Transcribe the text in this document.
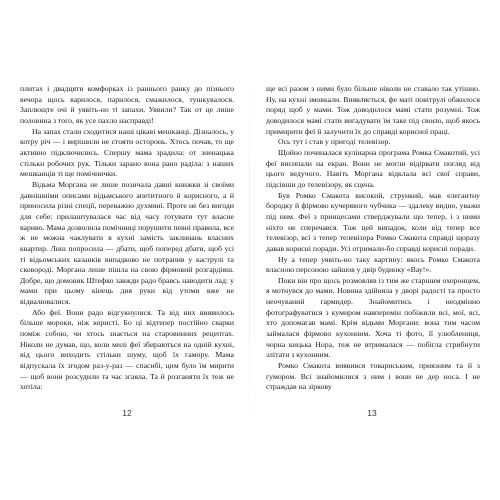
плитах і двадцяти комфорках із раннього ранку до пізнього вечора щось варилося, парилося, смажилося, тушкувалося. Заплющте очі й уявіть-но ті запахи. Уявили? Так от це лише половина з того, як усе пахло насправді!

На запах стали сходитися наші цікаві мешканці. Дізналось, у котру річ — і вирішили не стояти осторонь. Хтось почав, то ще активно підключились. Спершу мама зрадила: от зненацька стільки робочих рук. Тільки зарано вона рано раділа: з наших мешканців ті ще помічнички.

Відьма Моргана не лише позичала давні книжки зі своїми давнішніми описами відьмського апетитного й корисного, а й приносила різні спеції, переважно духмяні. Проте не без вигоди для себе: прилаштувалася час від часу готувати тут власне варивo. Мама дозволила помічниці порушити певні правила, все ж не можна чаклувати в кухні замість заклинань власних квартир. Лиш попросила — дбати, щоб поперед дбати, щоб усі ті відьомських казанків випадково не потрапив у каструлі та сковороді. Моргана лише пішла на свою фірмовий розгардіяш. Добре, що домовик Штефко завжди радо бравсь наводити лад: у мами при цьому кінець дня руки від утоми вже не відвалювалися.

Або феї. Вони радо відгукнулися. Та від них виявилось більше мороки, ніж користі. Бо ці відтепер постійно сварки поміж собою, чи хтось знається на старовинних рецептах. Ніколи не думав, що, коли милі феї збираються на одній кухні, від цього виходить стільки шуму, щоб їх гамору. Мама відпускала їх згодом раз-у-раз — спасибі, цим було їм мирити — щоб вони розсудили та час згаяла. Та й розганяти їх теж не хотіла:

ще всі разом з ними було більше ніколи не ставало так утішно. Ну, на кухні змовкали. Виявляється, фе маті повітрулі обжилося поряд щоб у мами. Тож доводилося мамі стати розумні. Тож доводилося мамі стати вигадувати їм таке під своєю, щоб якось примирити феї й залучити їх до справді корисної праці.

Ось тут і став у пригоді телевізор.

Щойно починалася кулінарна програма Ромка Смакотий, усі феї висипали на екран. Вони не могли відірвати погляд від цього ведучого. Навіть Моргана відклала всі свої справи, підсівши до телевізору, як сцена.

Був Ромко Смакота високий, стрункий, мав елегантну бородку й фірмово кучерявого чубчика — здалеку видно, уважи під ним. Феї з принцесами стверджували що тепер, і з ними ніхто не сперечався. Тож цей випадок, коли від тепер все телевізор, всі з тепер телевізора Ромко Смакота справді щоразу давав корисні поради. Усі отримали-бо справді корисні поради.

Ну а тепер уявіть-но таку картину: якось Ромко Смакота власною персоною зайшов у двір будинку «Вау!».

Поки він про щось розмовляв із тим же старшим охоронцем, я мотнувся до мами. Новина здійняла у дворі радості та просто неочуваний гармидер. Знайомитись і неодмінно фотографуватися з кумиром навперемін побіжили всі, мої, всі, хто допомагав мамі. Крім відьми Моргани: вона тим часом займалася фірмово кухонним. Хоча ті фото, її улюблениця, чорна кицька Нора, теж не втрималася — побігла стрибнути злітати з кухонним.

Ромко Смакота виявився товариським, приязним та й з гумором. Всі знайомилися з ним і вони не дер носа. І не страждав на зіркову

12	13
